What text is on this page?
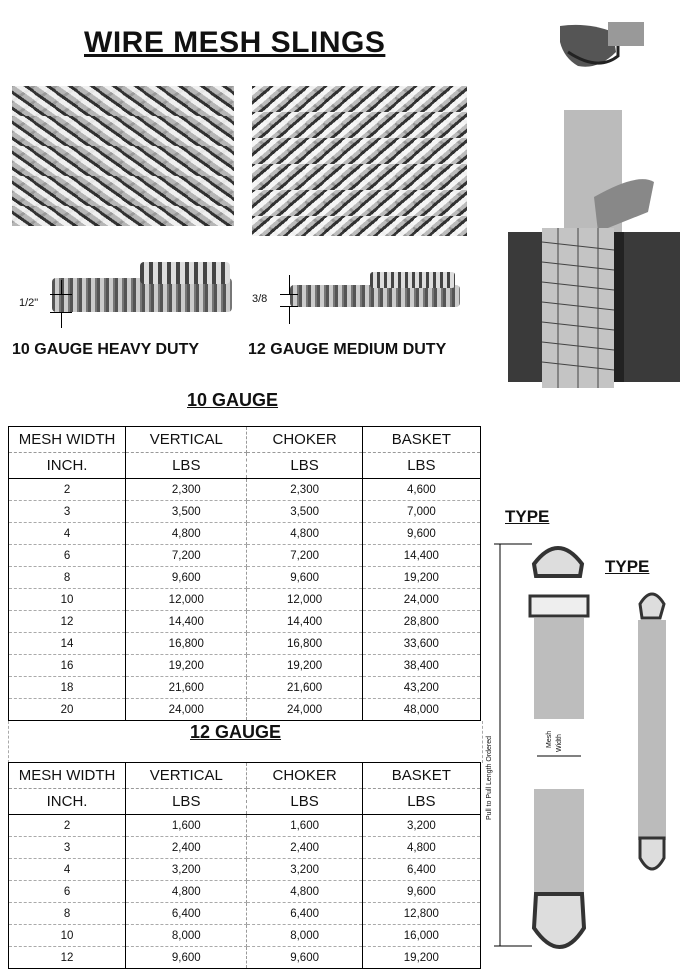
WIRE MESH SLINGS
1/2"	3/8
10 GAUGE HEAVY DUTY	12 GAUGE MEDIUM DUTY
10 GAUGE
MESH WIDTH	VERTICAL	CHOKER	BASKET
INCH.	LBS	LBS	LBS
2	2,300	2,300	4,600
3	3,500	3,500	7,000
4	4,800	4,800	9,600
6	7,200	7,200	14,400
8	9,600	9,600	19,200
10	12,000	12,000	24,000
12	14,400	14,400	28,800
14	16,800	16,800	33,600
16	19,200	19,200	38,400
18	21,600	21,600	43,200
20	24,000	24,000	48,000
12 GAUGE
MESH WIDTH	VERTICAL	CHOKER	BASKET
INCH.	LBS	LBS	LBS
2	1,600	1,600	3,200
3	2,400	2,400	4,800
4	3,200	3,200	6,400
6	4,800	4,800	9,600
8	6,400	6,400	12,800
10	8,000	8,000	16,000
12	9,600	9,600	19,200
TYPE
TYPE
Pull to Pull Length Ordered	Mesh Width
